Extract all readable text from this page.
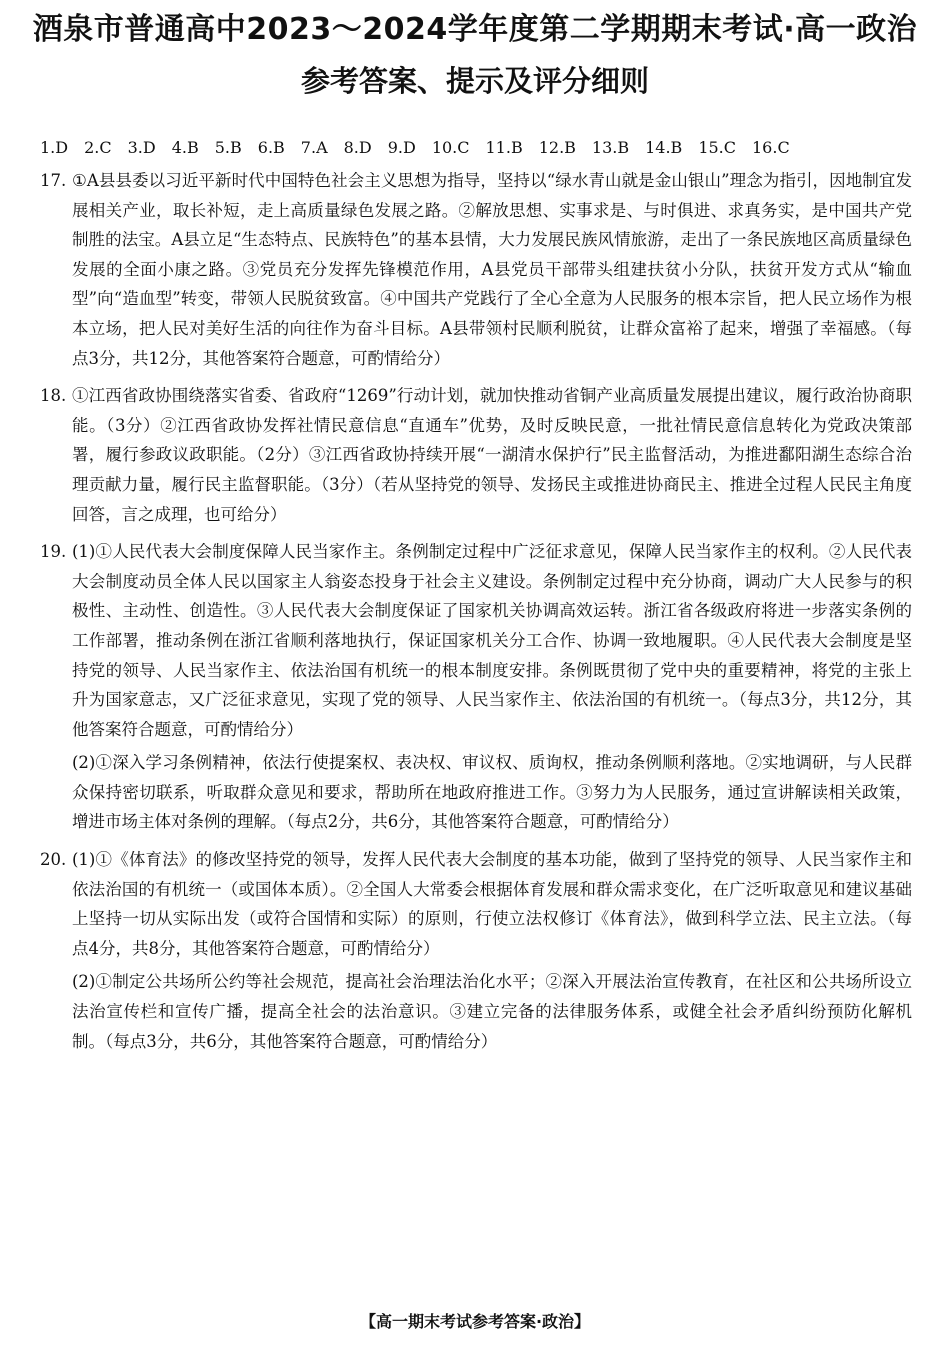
酒泉市普通高中2023～2024学年度第二学期期末考试·高一政治
参考答案、提示及评分细则
1.D 2.C 3.D 4.B 5.B 6.B 7.A 8.D 9.D 10.C 11.B 12.B 13.B 14.B 15.C 16.C
17. ①A县县委以习近平新时代中国特色社会主义思想为指导，坚持以“绿水青山就是金山银山”理念为指引，因地制宜发展相关产业，取长补短，走上高质量绿色发展之路。②解放思想、实事求是、与时俱进、求真务实，是中国共产党制胜的法宝。A县立足“生态特点、民族特色”的基本县情，大力发展民族风情旅游，走出了一条民族地区高质量绿色发展的全面小康之路。③党员充分发挥先锋模范作用，A县党员干部带头组建扶贫小分队，扶贫开发方式从“输血型”向“造血型”转变，带领人民脱贫致富。④中国共产党践行了全心全意为人民服务的根本宗旨，把人民立场作为根本立场，把人民对美好生活的向往作为奋斗目标。A县带领村民顺利脱贫，让群众富裕了起来，增强了幸福感。（每点3分，共12分，其他答案符合题意，可酌情给分）

18. ①江西省政协围绕落实省委、省政府“1269”行动计划，就加快推动省铜产业高质量发展提出建议，履行政治协商职能。（3分）②江西省政协发挥社情民意信息“直通车”优势，及时反映民意，一批社情民意信息转化为党政决策部署，履行参政议政职能。（2分）③江西省政协持续开展“一湖清水保护行”民主监督活动，为推进鄱阳湖生态综合治理贡献力量，履行民主监督职能。（3分）（若从坚持党的领导、发扬民主或推进协商民主、推进全过程人民民主角度回答，言之成理，也可给分）

19. (1)①人民代表大会制度保障人民当家作主。条例制定过程中广泛征求意见，保障人民当家作主的权利。②人民代表大会制度动员全体人民以国家主人翁姿态投身于社会主义建设。条例制定过程中充分协商，调动广大人民参与的积极性、主动性、创造性。③人民代表大会制度保证了国家机关协调高效运转。浙江省各级政府将进一步落实条例的工作部署，推动条例在浙江省顺利落地执行，保证国家机关分工合作、协调一致地履职。④人民代表大会制度是坚持党的领导、人民当家作主、依法治国有机统一的根本制度安排。条例既贯彻了党中央的重要精神，将党的主张上升为国家意志，又广泛征求意见，实现了党的领导、人民当家作主、依法治国的有机统一。（每点3分，共12分，其他答案符合题意，可酌情给分）

(2)①深入学习条例精神，依法行使提案权、表决权、审议权、质询权，推动条例顺利落地。②实地调研，与人民群众保持密切联系，听取群众意见和要求，帮助所在地政府推进工作。③努力为人民服务，通过宣讲解读相关政策，增进市场主体对条例的理解。（每点2分，共6分，其他答案符合题意，可酌情给分）

20. (1)①《体育法》的修改坚持党的领导，发挥人民代表大会制度的基本功能，做到了坚持党的领导、人民当家作主和依法治国的有机统一（或国体本质）。②全国人大常委会根据体育发展和群众需求变化，在广泛听取意见和建议基础上坚持一切从实际出发（或符合国情和实际）的原则，行使立法权修订《体育法》，做到科学立法、民主立法。（每点4分，共8分，其他答案符合题意，可酌情给分）

(2)①制定公共场所公约等社会规范，提高社会治理法治化水平；②深入开展法治宣传教育，在社区和公共场所设立法治宣传栏和宣传广播，提高全社会的法治意识。③建立完备的法律服务体系，或健全社会矛盾纠纷预防化解机制。（每点3分，共6分，其他答案符合题意，可酌情给分）

【高一期末考试参考答案·政治】
